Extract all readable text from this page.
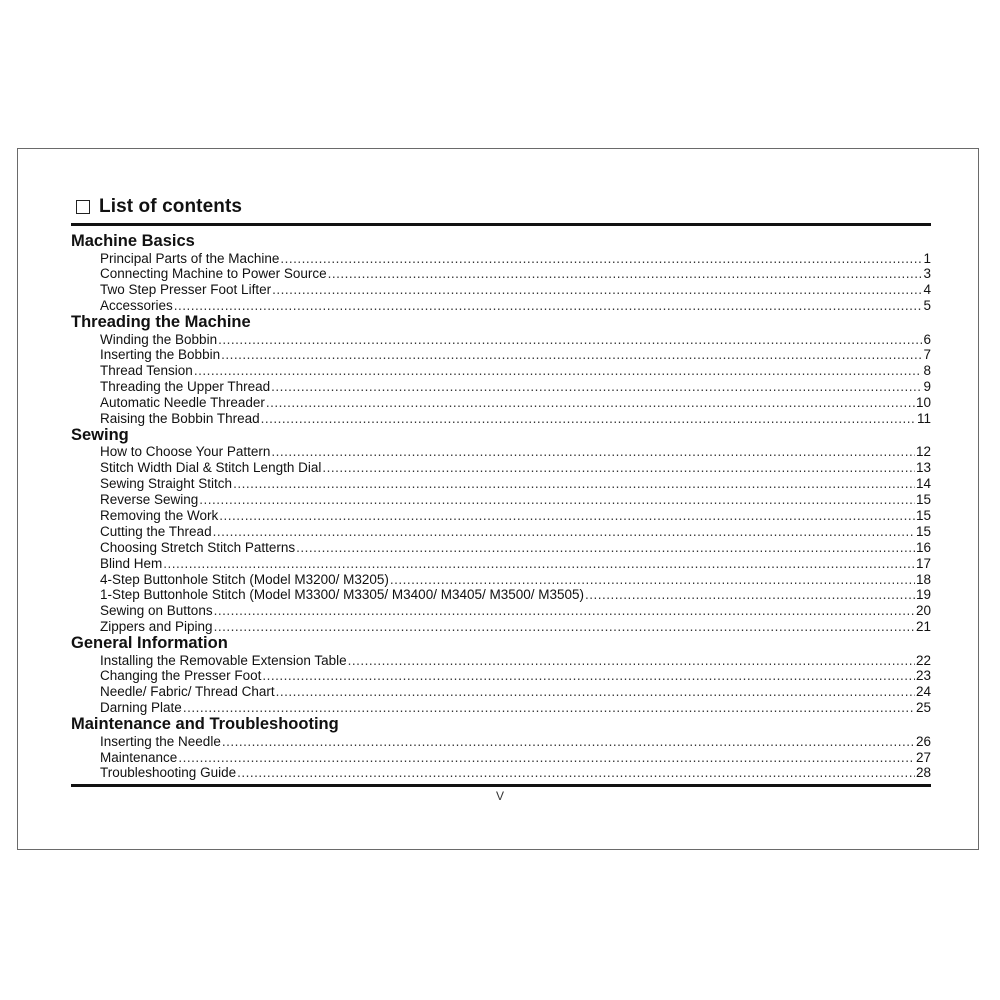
List of contents
Machine Basics
Principal Parts of the Machine .....	1
Connecting Machine to Power Source .....	3
Two Step Presser Foot Lifter .....	4
Accessories .....	5
Threading the Machine
Winding the Bobbin .....	6
Inserting the Bobbin .....	7
Thread Tension .....	8
Threading the Upper Thread .....	9
Automatic Needle Threader .....	10
Raising the Bobbin Thread .....	11
Sewing
How to Choose Your Pattern .....	12
Stitch Width Dial & Stitch Length Dial .....	13
Sewing Straight Stitch .....	14
Reverse Sewing .....	15
Removing the Work .....	15
Cutting the Thread .....	15
Choosing Stretch Stitch Patterns .....	16
Blind Hem .....	17
4-Step Buttonhole Stitch (Model M3200/ M3205) .....	18
1-Step Buttonhole Stitch (Model M3300/ M3305/ M3400/ M3405/ M3500/ M3505) .....	19
Sewing on Buttons .....	20
Zippers and Piping .....	21
General Information
Installing the Removable Extension Table .....	22
Changing the Presser Foot .....	23
Needle/ Fabric/ Thread Chart .....	24
Darning Plate .....	25
Maintenance and Troubleshooting
Inserting the Needle .....	26
Maintenance .....	27
Troubleshooting Guide .....	28
V
